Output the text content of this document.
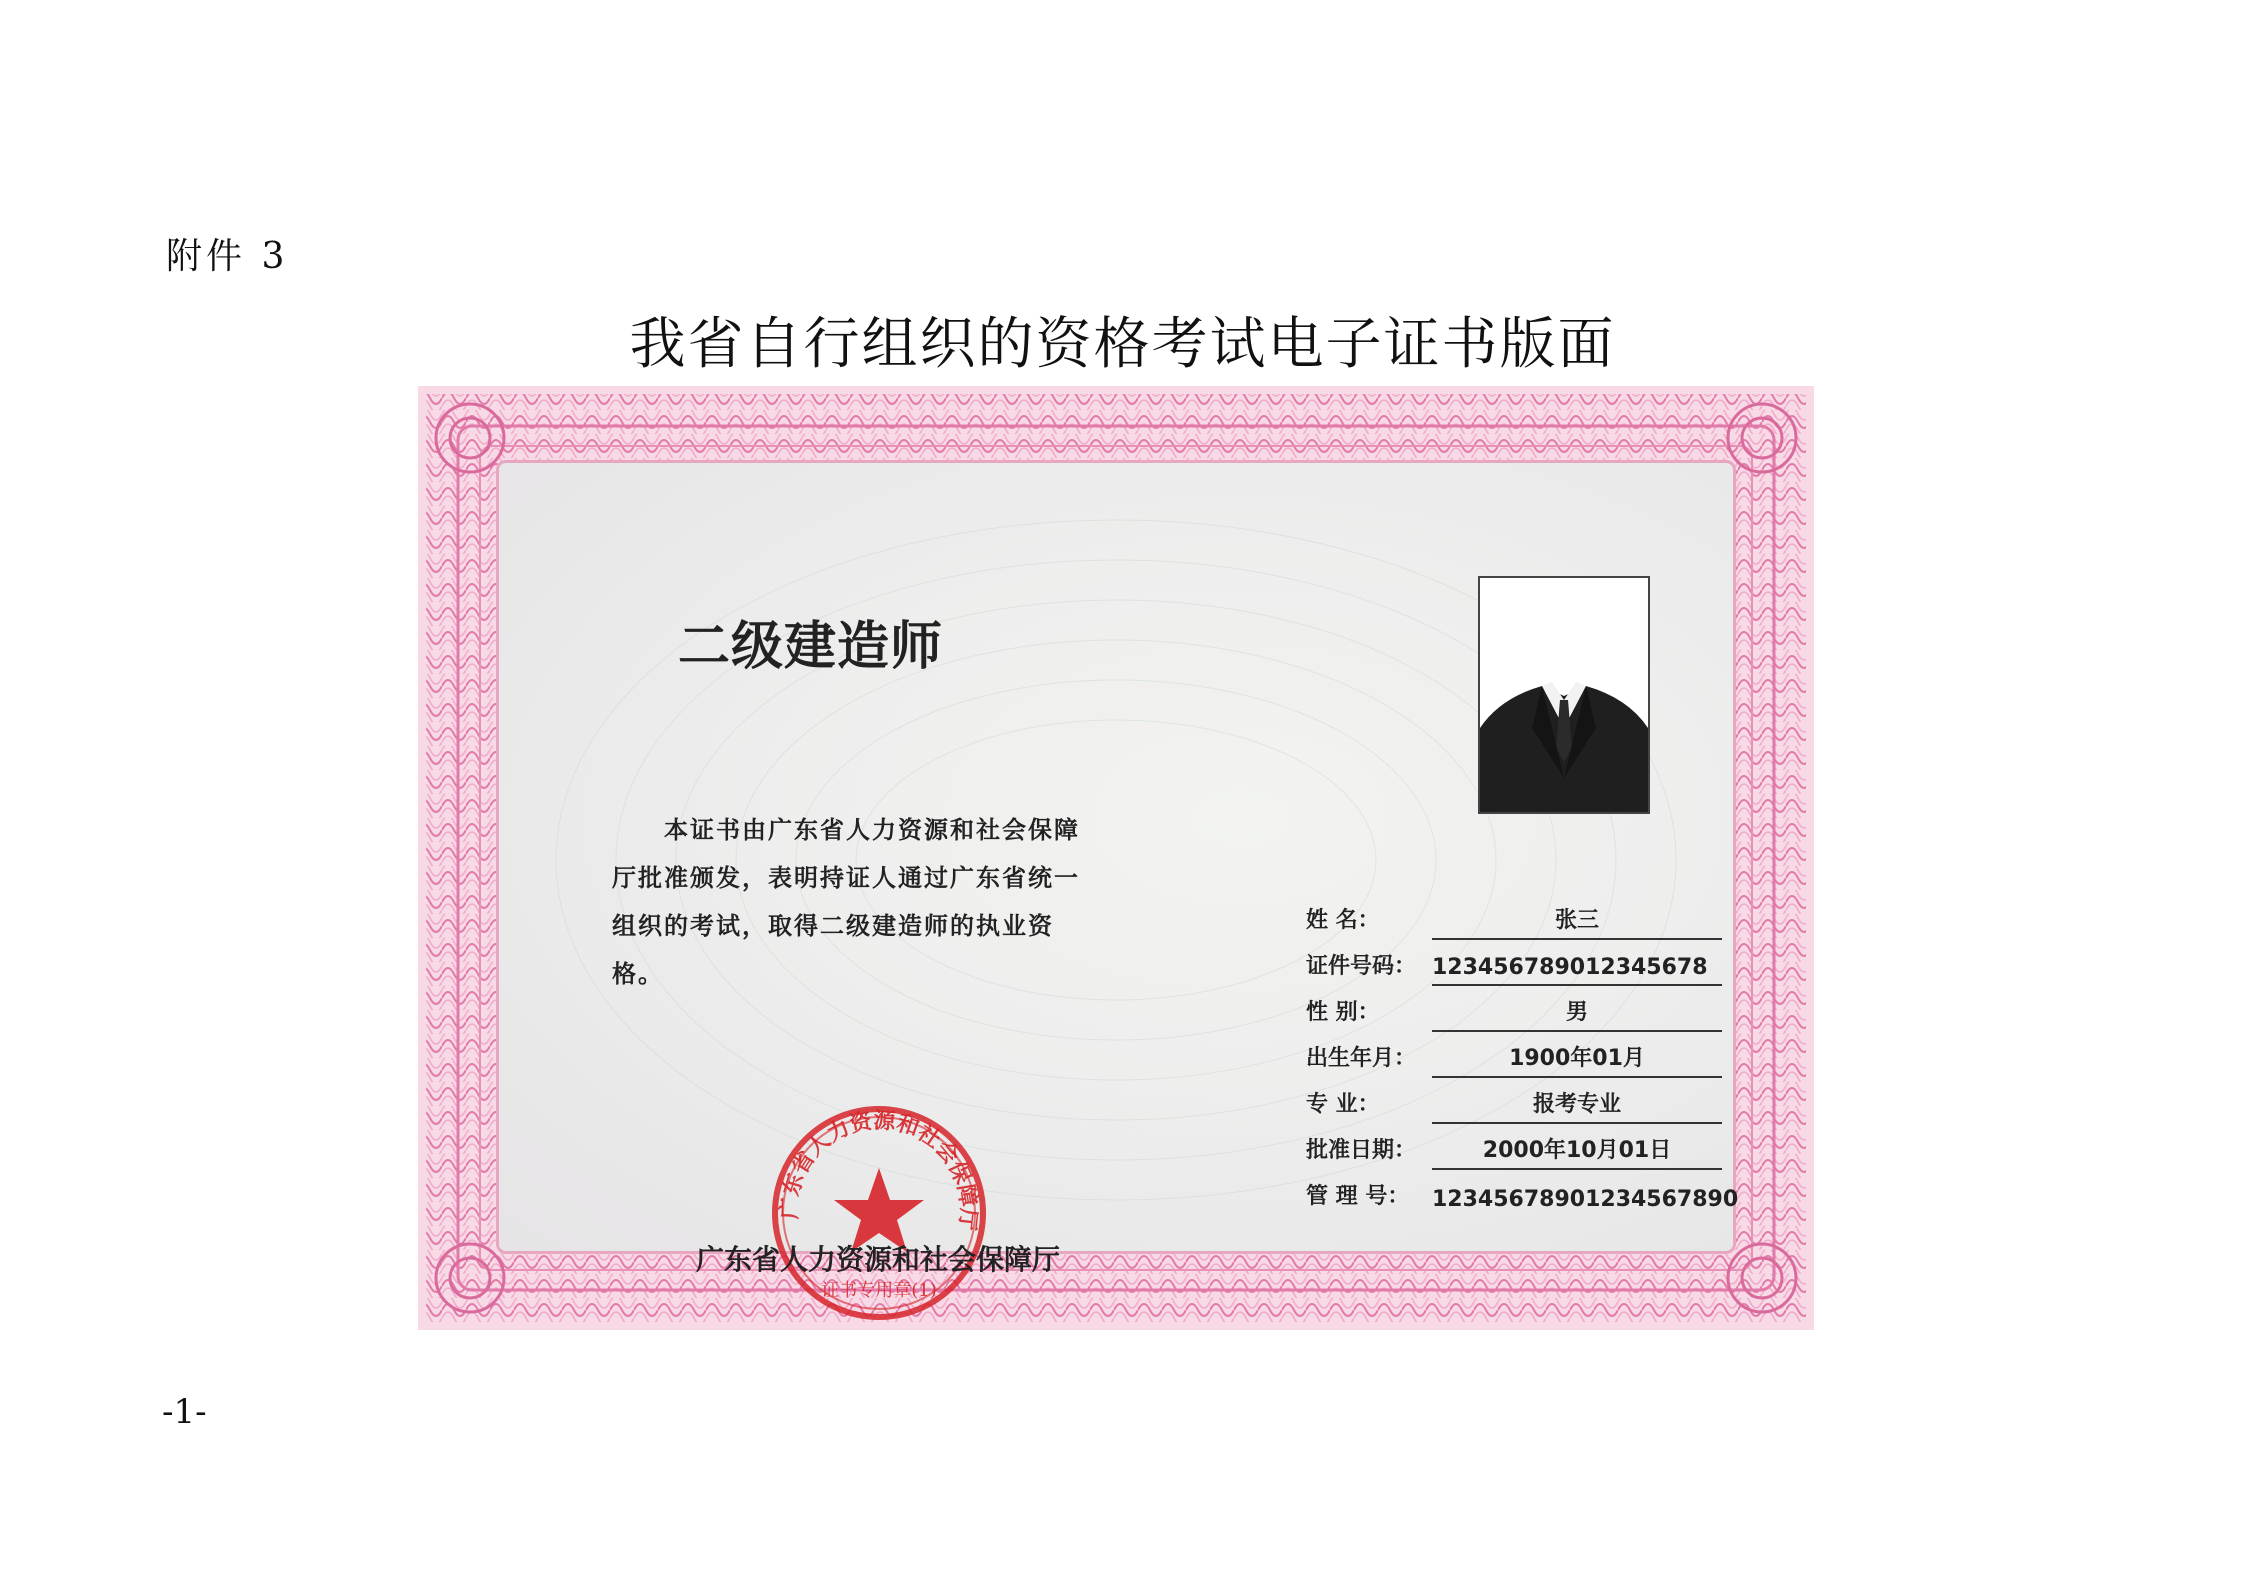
附件 3
我省自行组织的资格考试电子证书版面
二级建造师
本证书由广东省人力资源和社会保障厅批准颁发，表明持证人通过广东省统一组织的考试，取得二级建造师的执业资格。
广东省人力资源和社会保障厅
证书专用章(1)
广东省人力资源和社会保障厅
姓 名：	张三
证件号码： 123456789012345678
性 别：	男
出生年月：	1900年01月
专 业：	报考专业
批准日期：	2000年10月01日
管 理 号：	12345678901234567890
-1-
